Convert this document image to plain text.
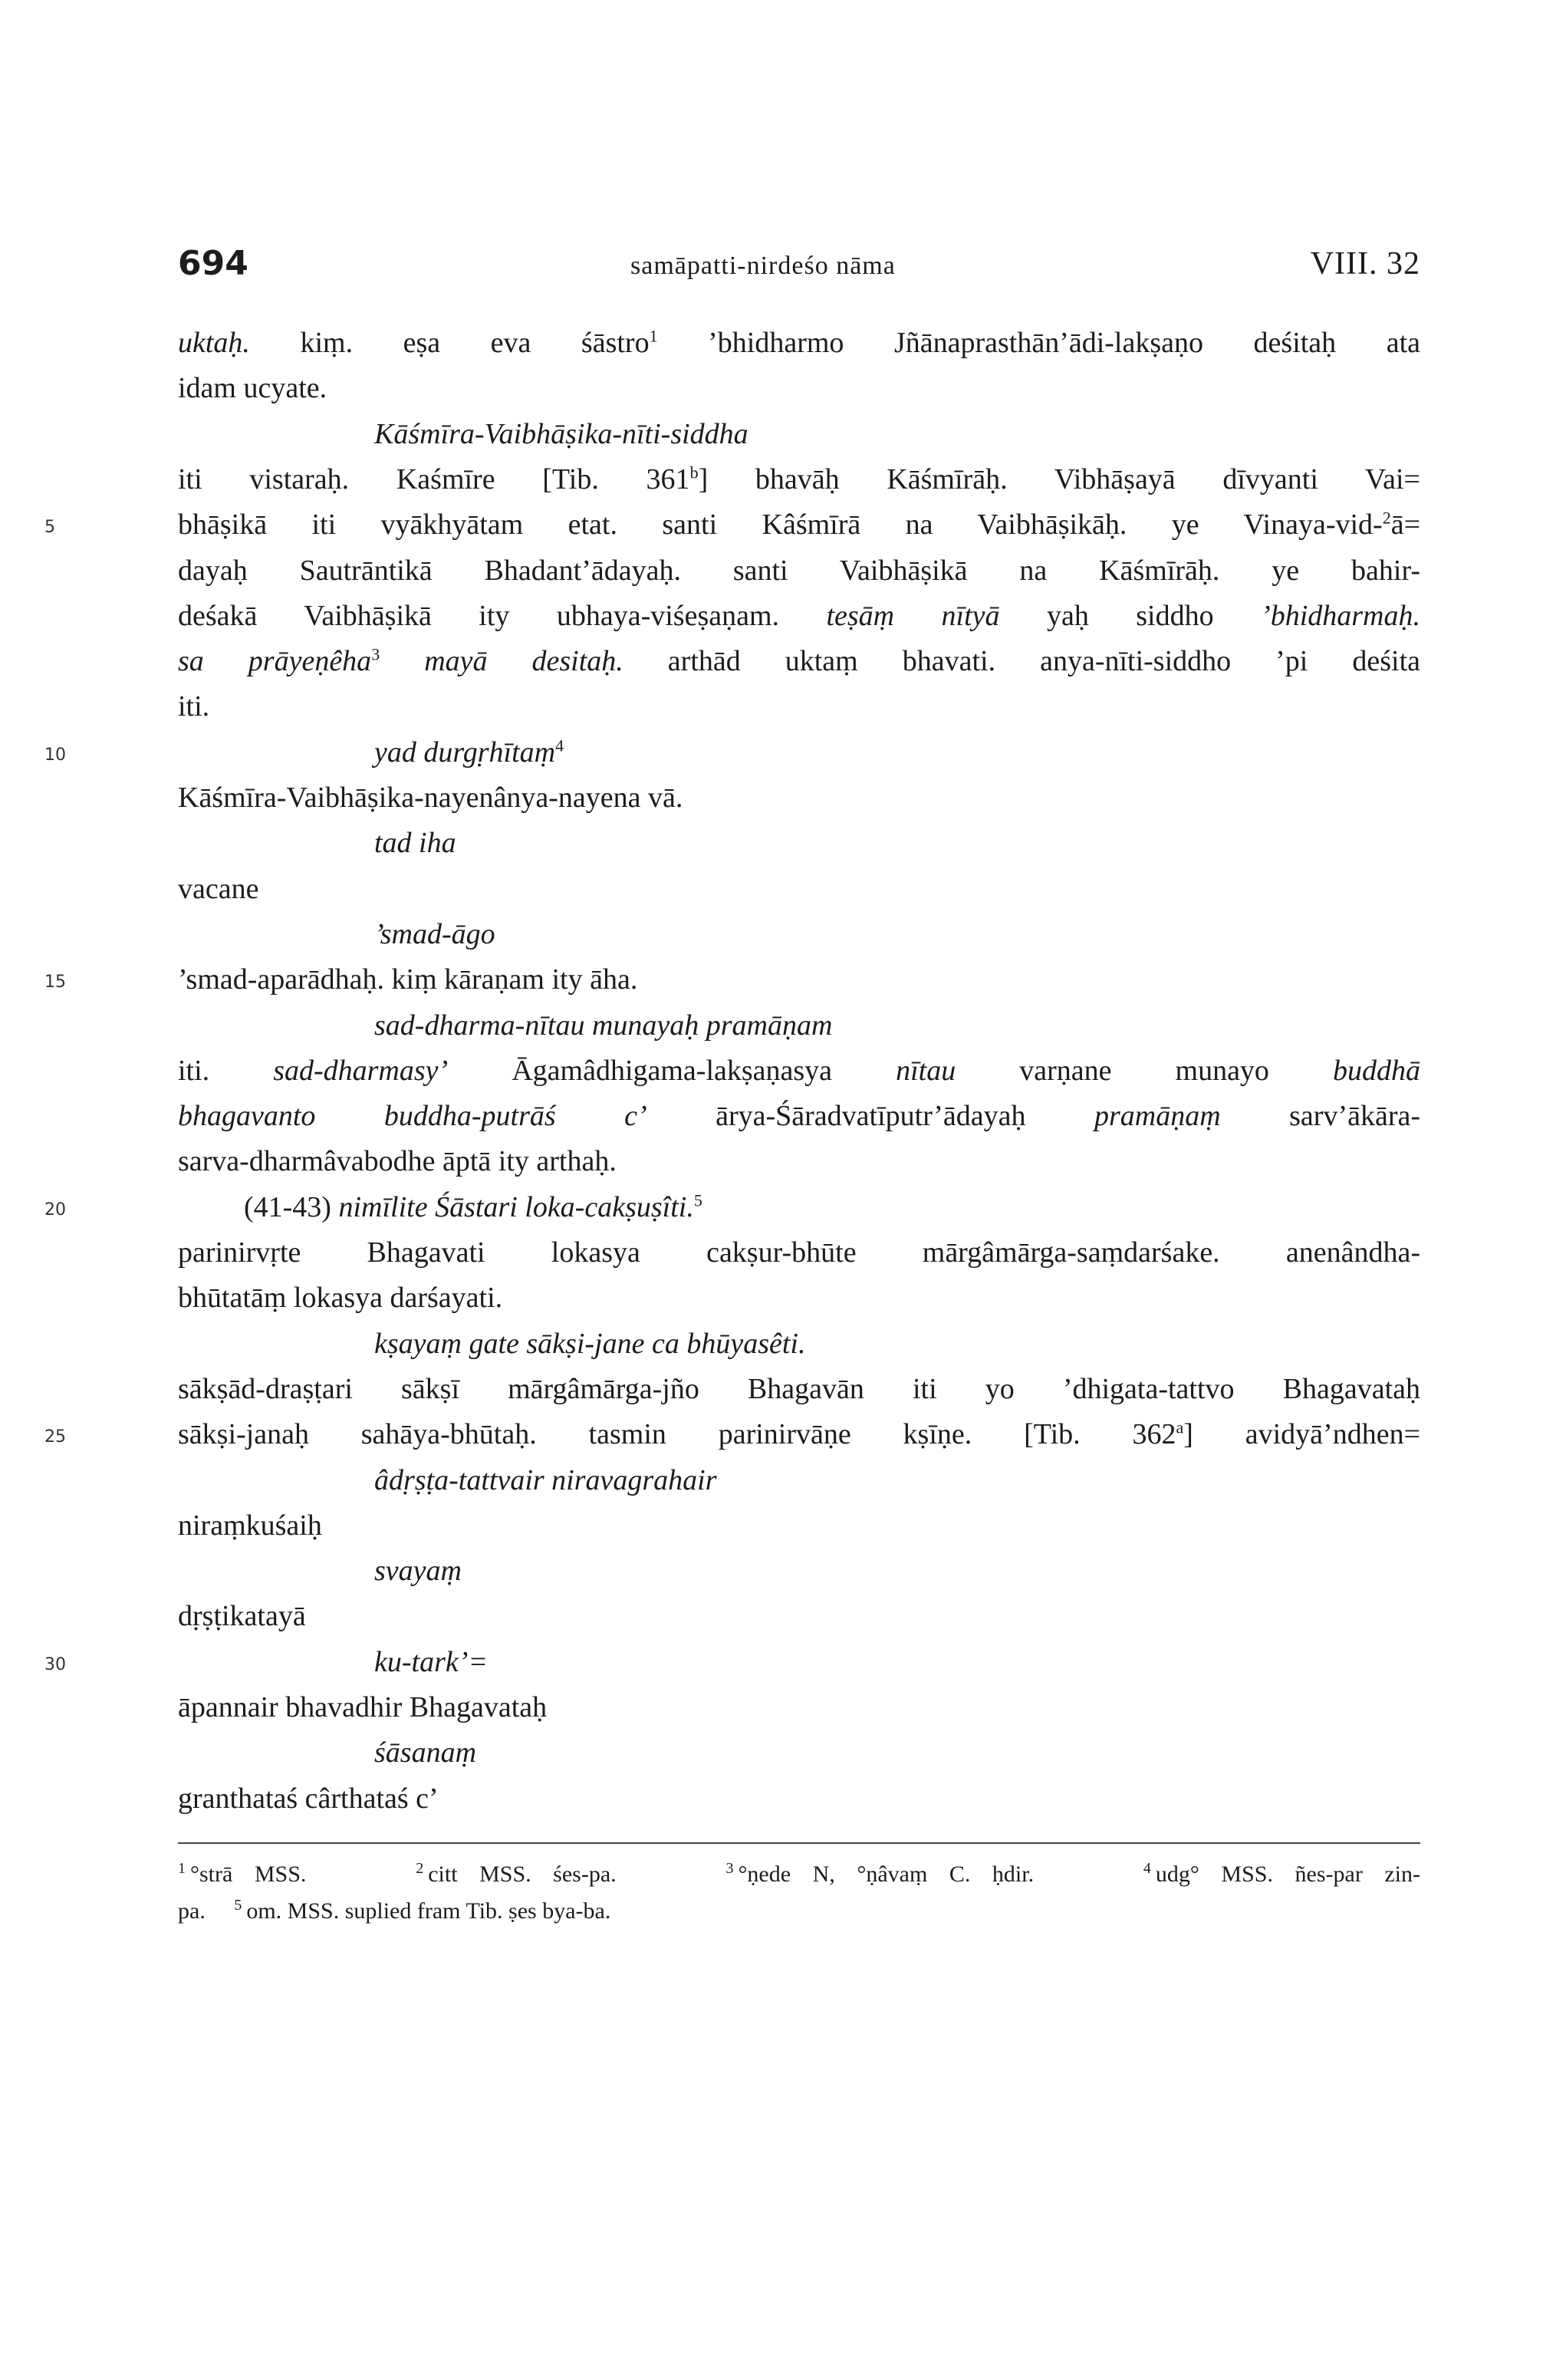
694	samāpatti-nirdeśo nāma	VIII. 32
uktaḥ. kiṃ. eṣa eva śāstro$^1$ ’bhidharmo Jñānaprasthān’ādi-lakṣaṇo deśitaḥ ata
idam ucyate.
Kāśmīra-Vaibhāṣika-nīti-siddha
iti vistaraḥ. Kaśmīre [Tib. 361$^b$] bhavāḥ Kāśmīrāḥ. Vibhāṣayā dīvyanti Vai=
bhāṣikā iti vyākhyātam etat. santi Kâśmīrā na Vaibhāṣikāḥ. ye Vinaya-vid-$^2$ā=
dayaḥ Sautrāntikā Bhadant’ādayaḥ. santi Vaibhāṣikā na Kāśmīrāḥ. ye bahir-
deśakā Vaibhāṣikā ity ubhaya-viśeṣaṇam. teṣāṃ nītyā yaḥ siddho ’bhidharmaḥ.
sa prāyeṇêha$^3$ mayā desitaḥ. arthād uktaṃ bhavati. anya-nīti-siddho ’pi deśita
iti.
yad durgṛhītaṃ$^4$
Kāśmīra-Vaibhāṣika-nayenânya-nayena vā.
tad iha
vacane
’smad-āgo
’smad-aparādhaḥ. kiṃ kāraṇam ity āha.
sad-dharma-nītau munayaḥ pramāṇam
iti. sad-dharmasy’ Āgamâdhigama-lakṣaṇasya nītau varṇane munayo buddhā
bhagavanto buddha-putrāś c’ ārya-Śāradvatīputr’ādayaḥ pramāṇaṃ sarv’ākāra-
sarva-dharmâvabodhe āptā ity arthaḥ.
(41-43) nimīlite Śāstari loka-cakṣuṣîti.$^5$
parinirvṛte Bhagavati lokasya cakṣur-bhūte mārgâmārga-saṃdarśake. anenândha-
bhūtatāṃ lokasya darśayati.
kṣayaṃ gate sākṣi-jane ca bhūyasêti.
sākṣād-draṣṭari sākṣī mārgâmārga-jño Bhagavān iti yo ’dhigata-tattvo Bhagavataḥ
sākṣi-janaḥ sahāya-bhūtaḥ. tasmin parinirvāṇe kṣīṇe. [Tib. 362$^a$] avidyā’ndhen=
âdṛṣṭa-tattvair niravagrahair
niraṃkuśaiḥ
svayaṃ
dṛṣṭikatayā
ku-tark’=
āpannair bhavadhir Bhagavataḥ
śāsanaṃ
granthataś cârthataś c’
5
10
15
20
25
30
$^1$ °strā MSS.     $^2$ citt MSS. śes-pa.     $^3$ °ṇede N, °ṇâvaṃ C. ḥdir.     $^4$ udg° MSS. ñes-par zin-
pa.     $^5$ om. MSS. suplied fram Tib. ṣes bya-ba.
